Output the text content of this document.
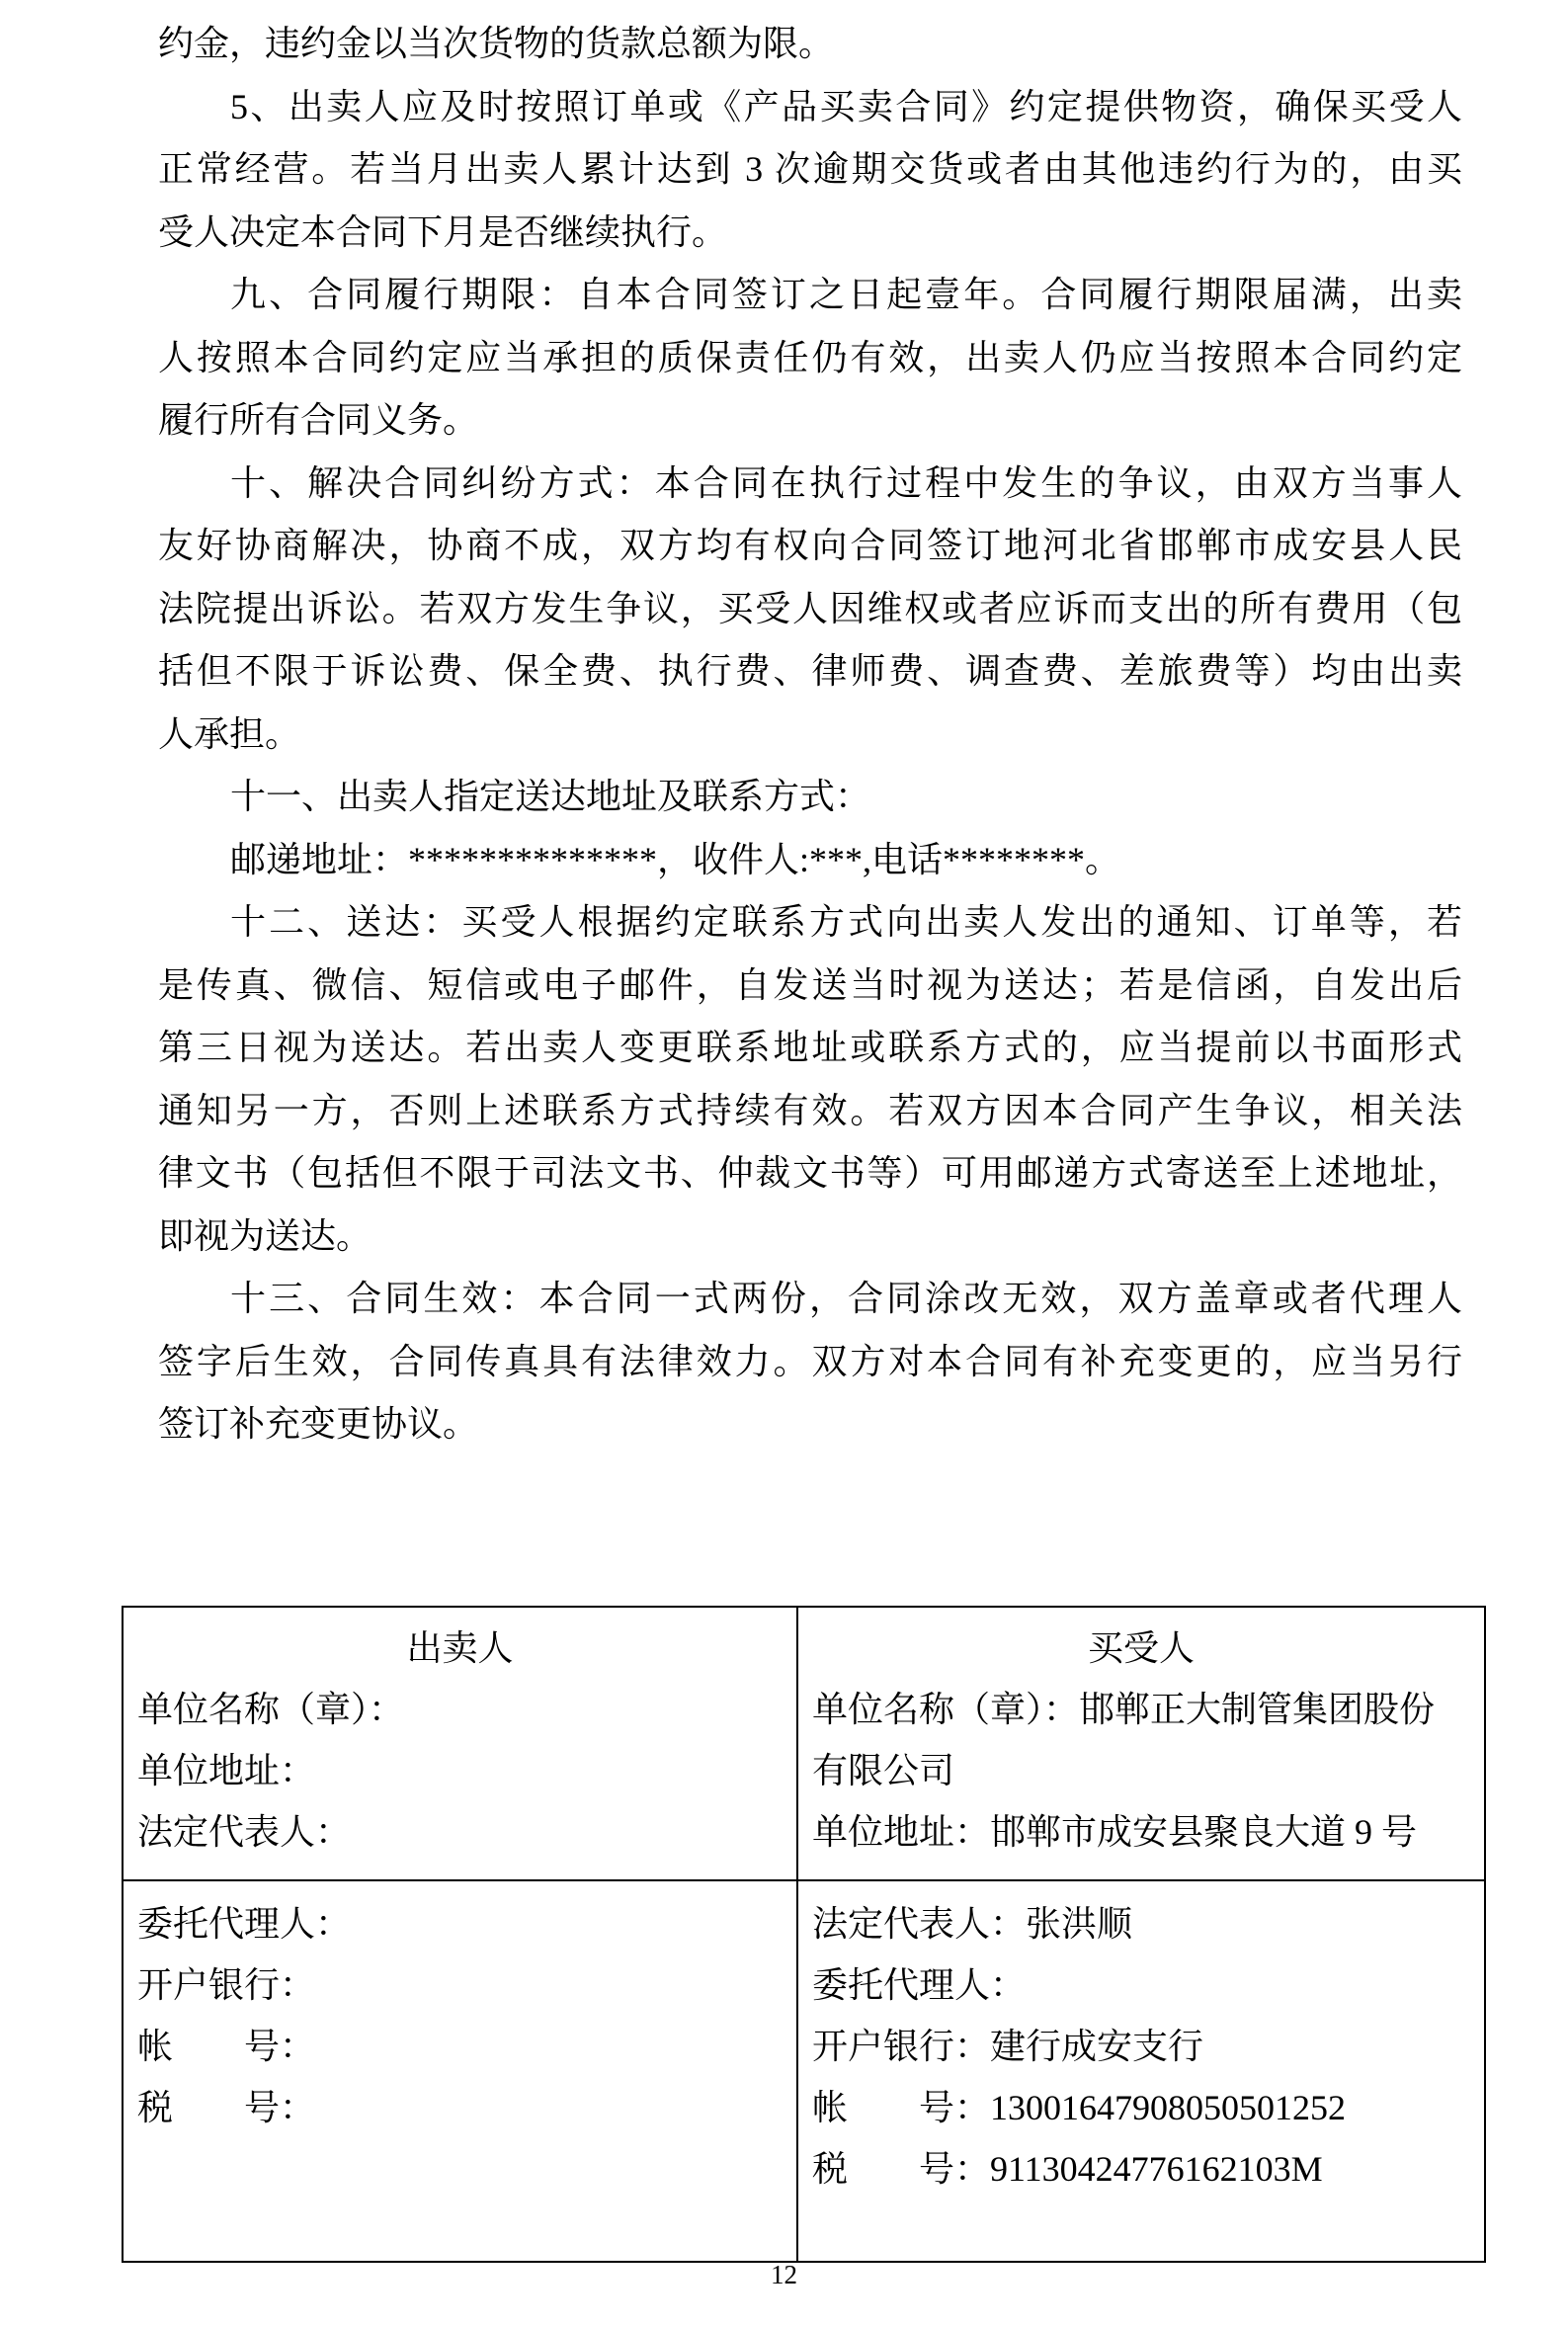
约金，违约金以当次货物的货款总额为限。
5、出卖人应及时按照订单或《产品买卖合同》约定提供物资，确保买受人
正常经营。若当月出卖人累计达到 3 次逾期交货或者由其他违约行为的，由买
受人决定本合同下月是否继续执行。
九、合同履行期限：自本合同签订之日起壹年。合同履行期限届满，出卖
人按照本合同约定应当承担的质保责任仍有效，出卖人仍应当按照本合同约定
履行所有合同义务。
十、解决合同纠纷方式：本合同在执行过程中发生的争议，由双方当事人
友好协商解决，协商不成，双方均有权向合同签订地河北省邯郸市成安县人民
法院提出诉讼。若双方发生争议，买受人因维权或者应诉而支出的所有费用（包
括但不限于诉讼费、保全费、执行费、律师费、调查费、差旅费等）均由出卖
人承担。
十一、出卖人指定送达地址及联系方式：
邮递地址：**************，收件人:***,电话********。
十二、送达：买受人根据约定联系方式向出卖人发出的通知、订单等，若
是传真、微信、短信或电子邮件，自发送当时视为送达；若是信函，自发出后
第三日视为送达。若出卖人变更联系地址或联系方式的，应当提前以书面形式
通知另一方，否则上述联系方式持续有效。若双方因本合同产生争议，相关法
律文书（包括但不限于司法文书、仲裁文书等）可用邮递方式寄送至上述地址，
即视为送达。
十三、合同生效：本合同一式两份，合同涂改无效，双方盖章或者代理人
签字后生效，合同传真具有法律效力。双方对本合同有补充变更的，应当另行
签订补充变更协议。
出卖人
单位名称（章）：
单位地址：
法定代表人：
买受人
单位名称（章）：邯郸正大制管集团股份
有限公司
单位地址：邯郸市成安县聚良大道 9 号
委托代理人：
开户银行：
帐　　号：
税　　号：
法定代表人：张洪顺
委托代理人：
开户银行：建行成安支行
帐　　号：13001647908050501252
税　　号：91130424776162103M
12
